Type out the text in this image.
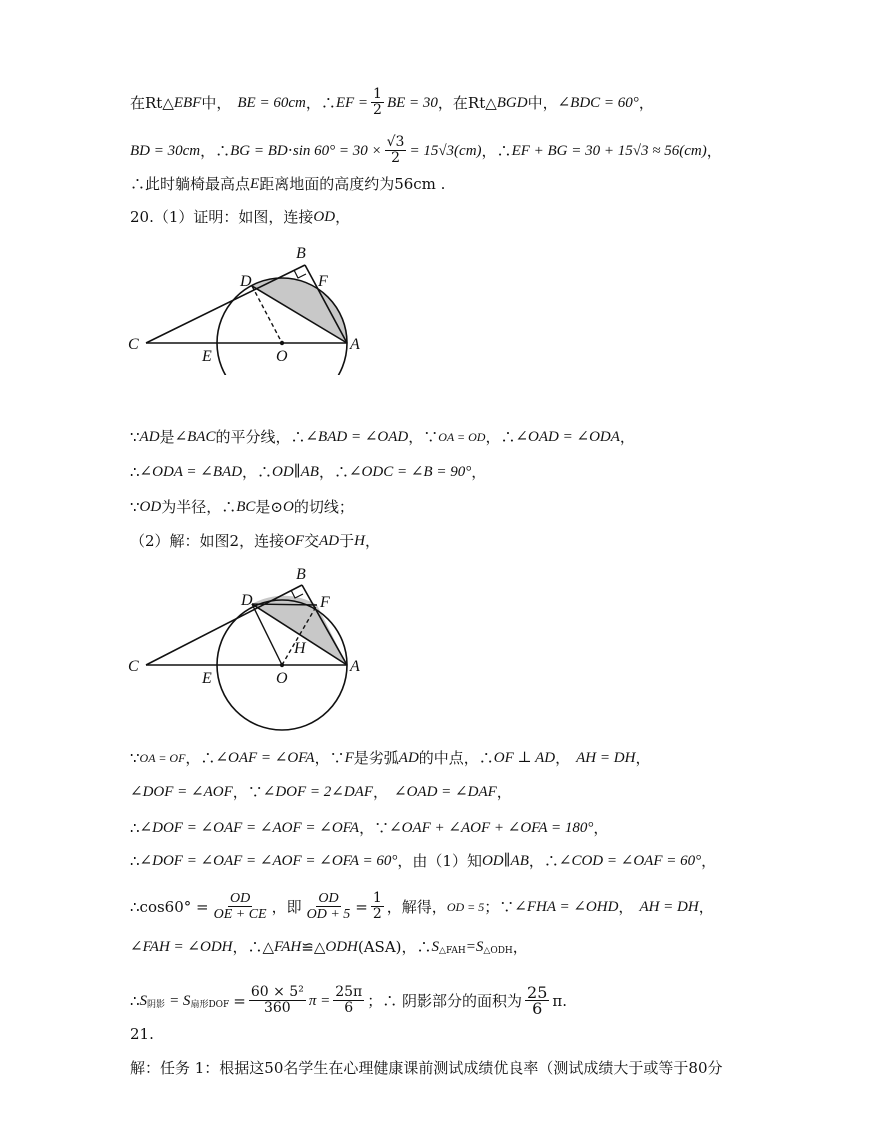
在Rt△ EBF 中， BE = 60cm ，∴ EF = $\frac{1}{2}$ BE = 30 ，在Rt△ BGD 中， ∠BDC = 60° ，
BD = 30cm ，∴ BG = BD⋅sin $60^\circ = 30 \times \frac{√3}{2} = 15√3(cm)$ ，∴ EF + BG = 30 + 15√3 ≈ 56(cm) ，
∴此时躺椅最高点 E 距离地面的高度约为56cm .
20.（1）证明：如图，连接 OD ，
B
D	F
C
E	O
A
∵ AD 是 ∠BAC 的平分线，∴ ∠BAD = ∠OAD ，∵ OA = OD ，∴ ∠OAD = ∠ODA ，
∴ ∠ODA = ∠BAD ，∴ OD∥AB ，∴ ∠ODC = ∠B = 90° ，
∵ OD 为半径，∴ BC 是⊙ O 的切线；
（2）解：如图2，连接 OF 交 AD 于 H ，
B
D	F
H
C
E	O
A
∵ OA = OF ，∴ ∠OAF = ∠OFA ，∵ F 是劣弧 AD 的中点，∴ OF ⊥ AD ， AH = DH ，
∠DOF = ∠AOF ，∵ ∠DOF = 2∠DAF ， ∠OAD = ∠DAF ，
∴ ∠DOF = ∠OAF = ∠AOF = ∠OFA ，∵ ∠OAF + ∠AOF + ∠OFA = 180° ，
∴ ∠DOF = ∠OAF = ∠AOF = ∠OFA = 60° ，由（1）知 OD∥AB ，∴ ∠COD = ∠OAF = 60° ，
∴cos60° = $\frac{OD}{OE + CE}$ ，即 $\frac{OD}{OD + 5} = \frac{1}{2}$ ，解得， OD = 5 ；∵ ∠FHA = ∠OHD ， AH = DH ，
∠FAH = ∠ODH ，∴△ FAH ≌△ ODH (ASA) ，∴ S △FAH =S △ODH ，
∴ S 阴影 = S 扇形DOF = $\frac{\text{60 × 5²}}{360}$ $\pi = \frac{25\pi}{6}$ ；∴ 阴影部分的面积为 $\frac{25}{6} \pi$.
21.
解：任务 1：根据这50名学生在心理健康课前测试成绩优良率（测试成绩大于或等于80分
